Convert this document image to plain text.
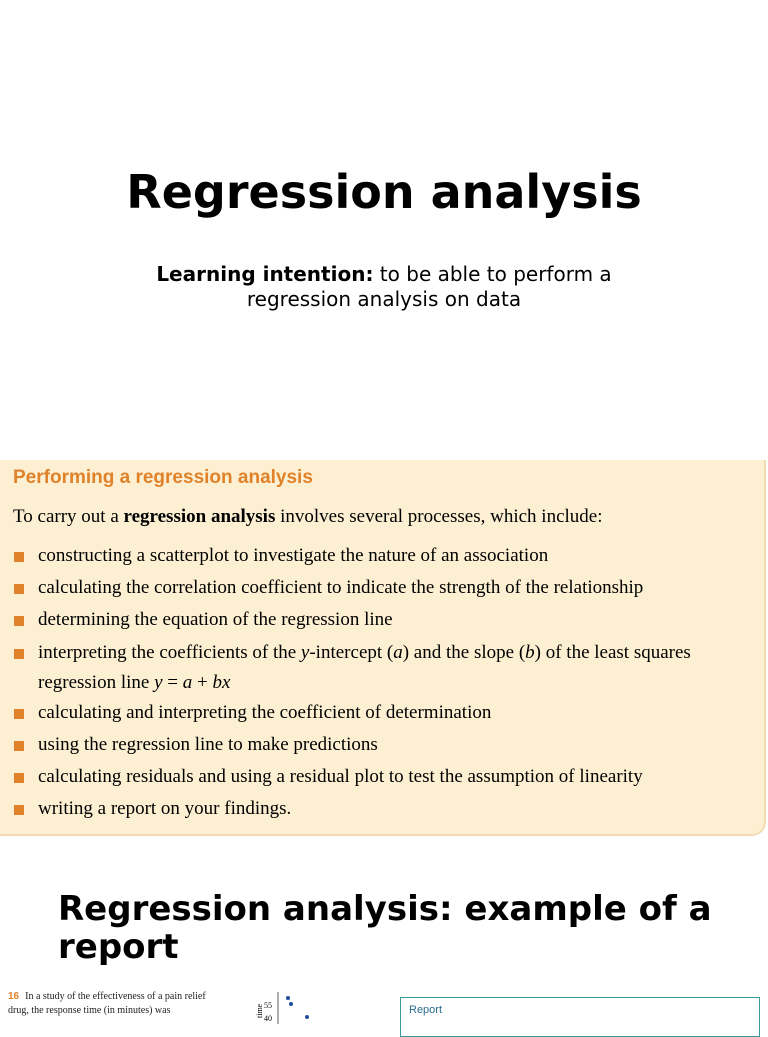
Regression analysis
Learning intention: to be able to perform a
regression analysis on data
Performing a regression analysis
To carry out a regression analysis involves several processes, which include:
constructing a scatterplot to investigate the nature of an association
calculating the correlation coefficient to indicate the strength of the relationship
determining the equation of the regression line
interpreting the coefficients of the y-intercept (a) and the slope (b) of the least squares
regression line y = a + bx
calculating and interpreting the coefficient of determination
using the regression line to make predictions
calculating residuals and using a residual plot to test the assumption of linearity
writing a report on your findings.
Regression analysis: example of a report
16 In a study of the effectiveness of a pain relief
drug, the response time (in minutes) was	time 55
40
Report
